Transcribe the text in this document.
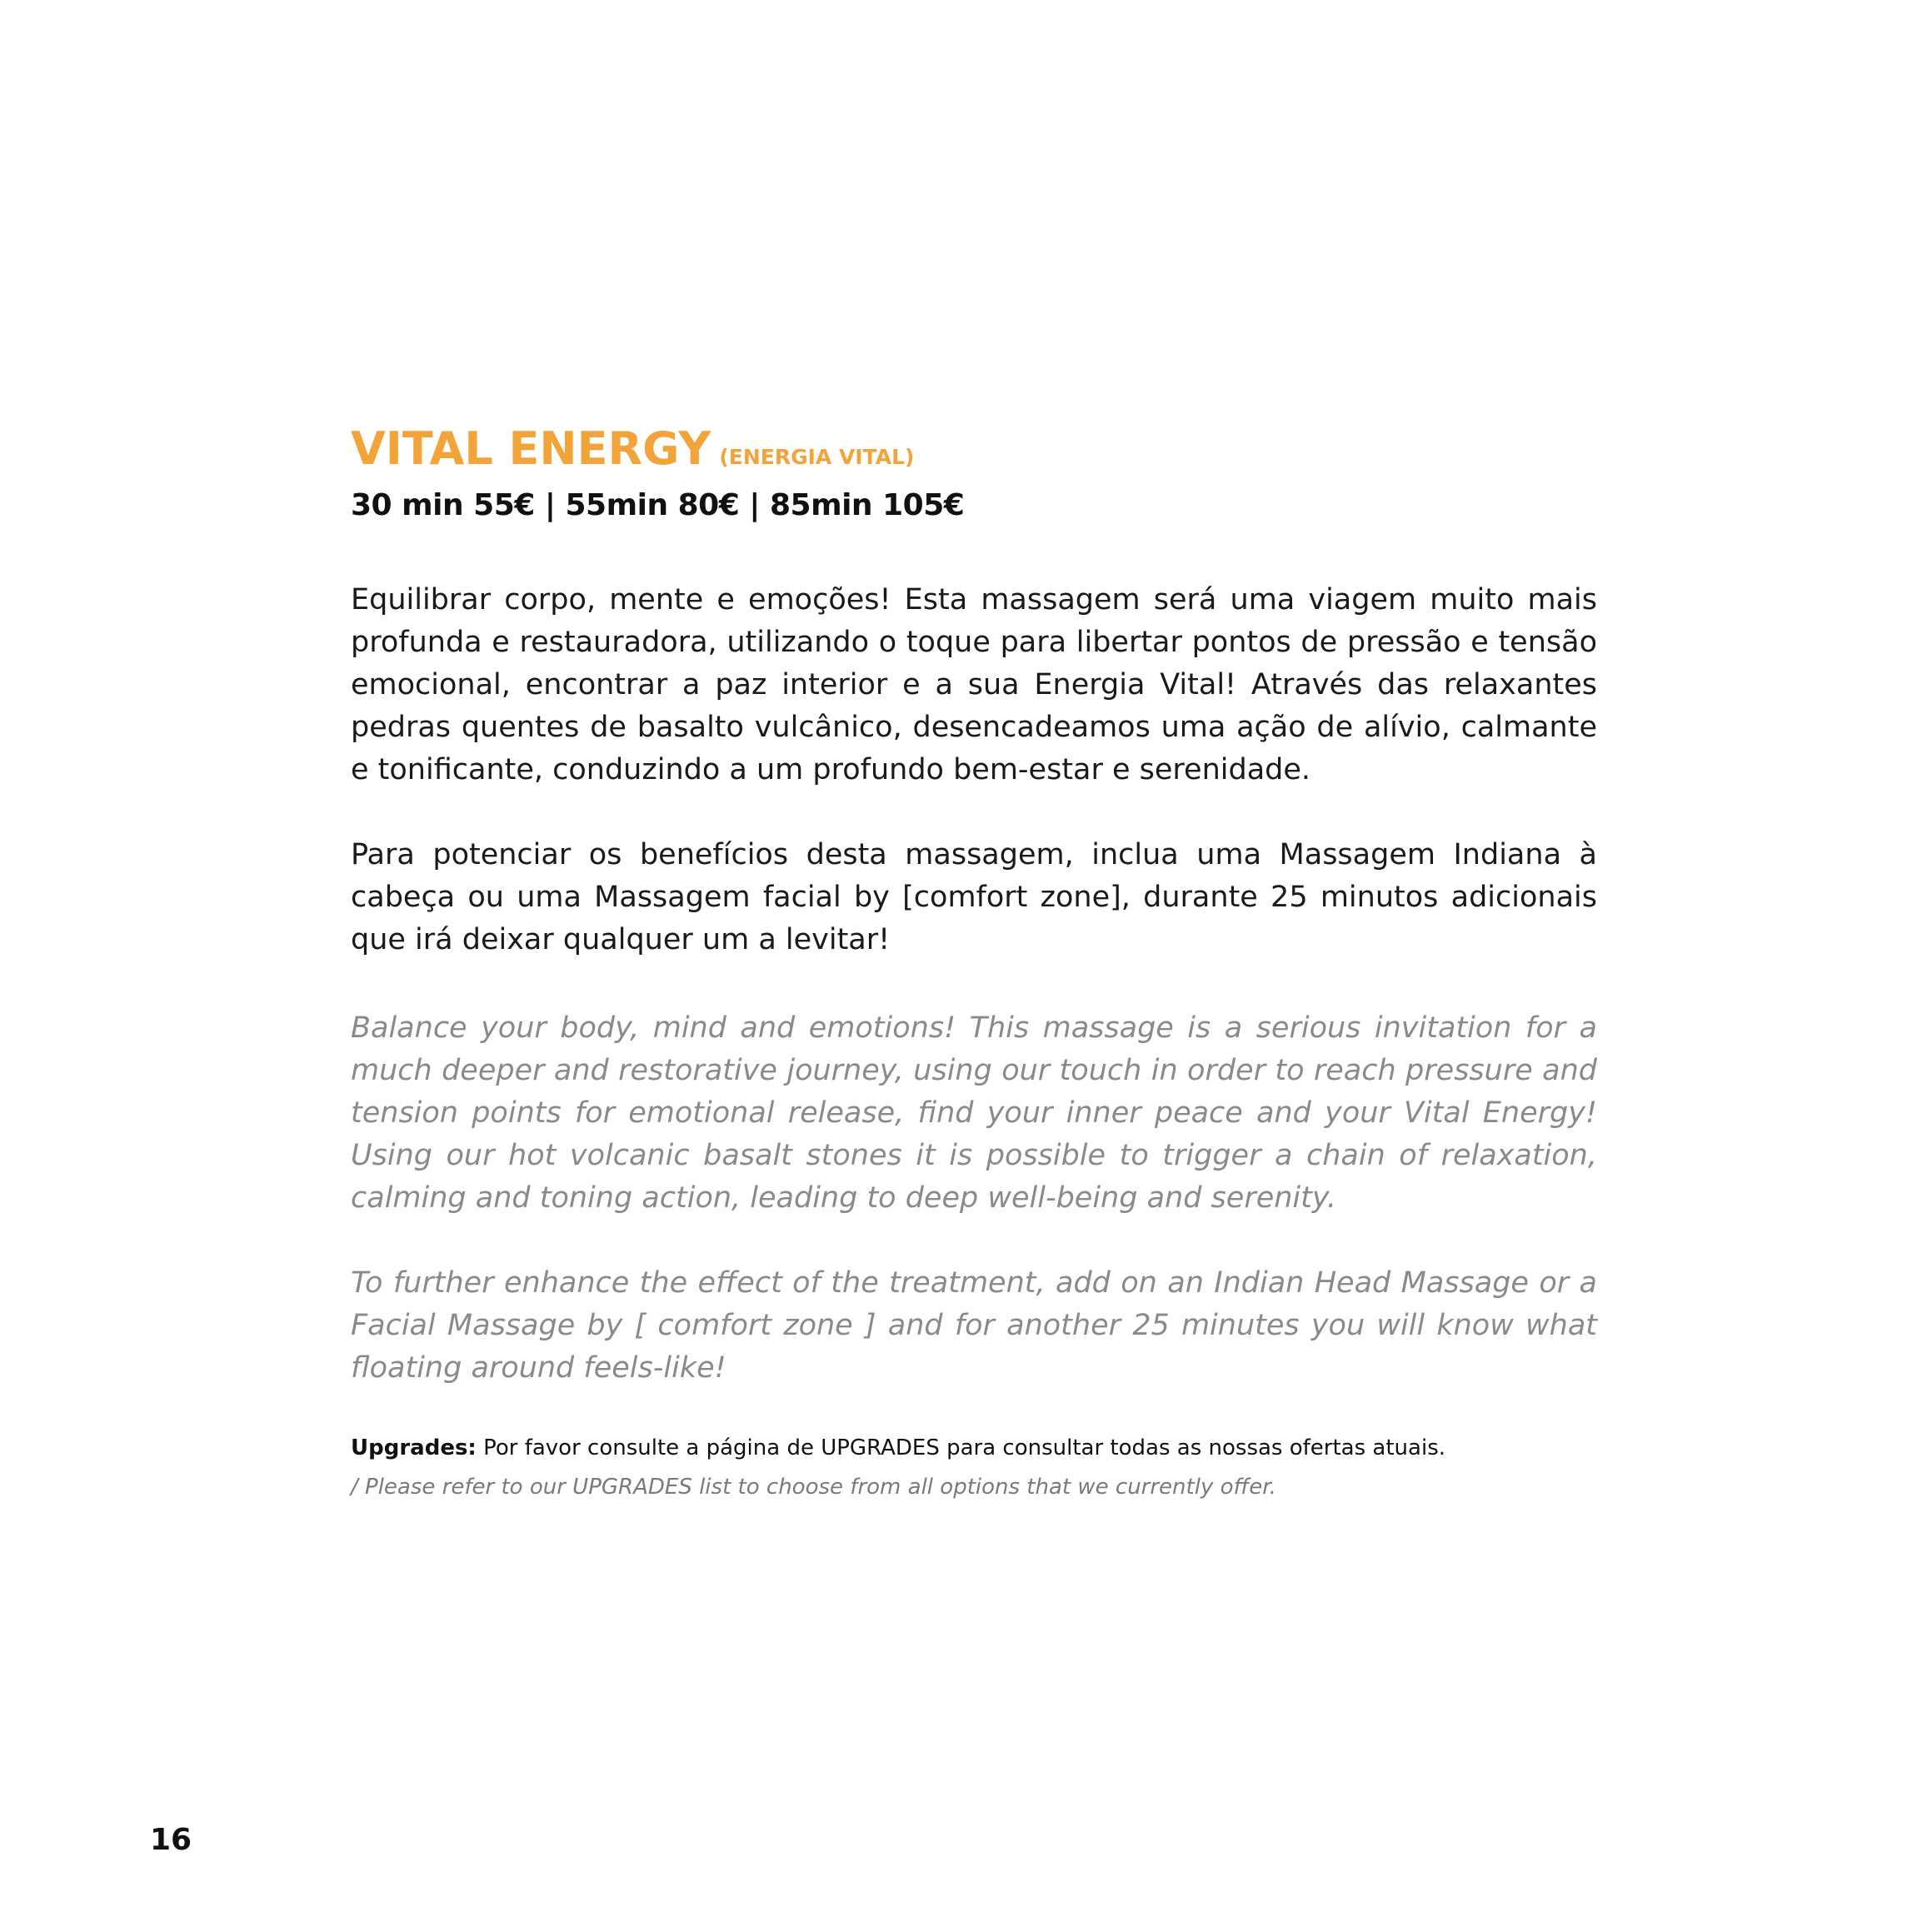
VITAL ENERGY (ENERGIA VITAL)
30 min 55€ | 55min 80€ | 85min 105€

Equilibrar corpo, mente e emoções! Esta massagem será uma viagem muito mais profunda e restauradora, utilizando o toque para libertar pontos de pressão e tensão emocional, encontrar a paz interior e a sua Energia Vital! Através das relaxantes pedras quentes de basalto vulcânico, desencadeamos uma ação de alívio, calmante e tonificante, conduzindo a um profundo bem-estar e serenidade.

Para potenciar os benefícios desta massagem, inclua uma Massagem Indiana à cabeça ou uma Massagem facial by [comfort zone], durante 25 minutos adicionais que irá deixar qualquer um a levitar!

Balance your body, mind and emotions! This massage is a serious invitation for a much deeper and restorative journey, using our touch in order to reach pressure and tension points for emotional release, find your inner peace and your Vital Energy! Using our hot volcanic basalt stones it is possible to trigger a chain of relaxation, calming and toning action, leading to deep well-being and serenity.

To further enhance the effect of the treatment, add on an Indian Head Massage or a Facial Massage by [ comfort zone ] and for another 25 minutes you will know what floating around feels-like!

Upgrades: Por favor consulte a página de UPGRADES para consultar todas as nossas ofertas atuais.
/ Please refer to our UPGRADES list to choose from all options that we currently offer.
16
